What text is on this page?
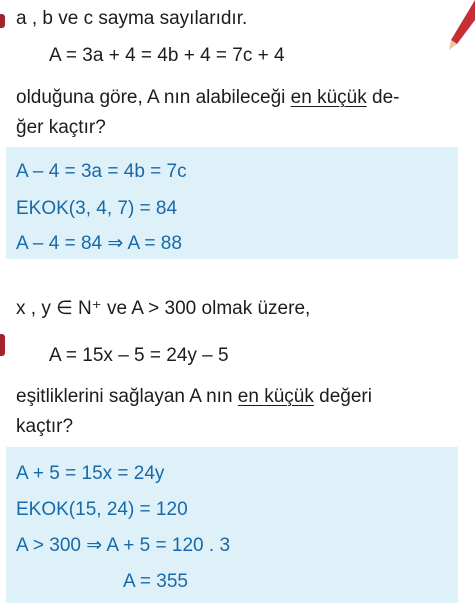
a , b ve c sayma sayılarıdır.
A = 3a + 4 = 4b + 4 = 7c + 4
olduğuna göre, A nın alabileceği en küçük de-
ğer kaçtır?
A – 4 = 3a = 4b = 7c
EKOK(3, 4, 7) = 84
A – 4 = 84 ⇒ A = 88
x , y ∈ N⁺ ve A > 300 olmak üzere,
A = 15x – 5 = 24y – 5
eşitliklerini sağlayan A nın en küçük değeri
kaçtır?
A + 5 = 15x = 24y
EKOK(15, 24) = 120
A > 300 ⇒ A + 5 = 120 . 3
A = 355
